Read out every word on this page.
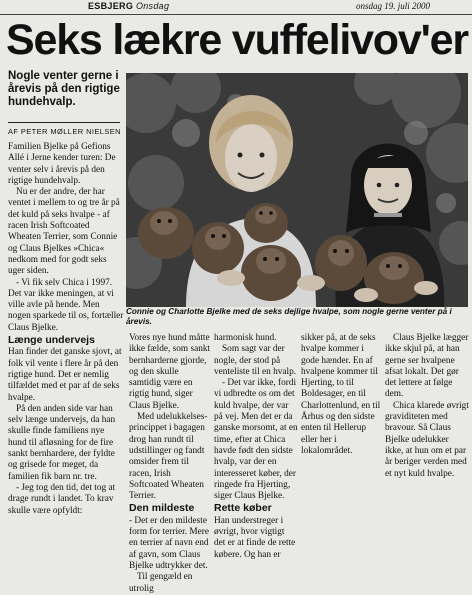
ESBJERG Onsdag	onsdag 19. juli 2000
Seks lækre vuffelivov'er
Nogle venter gerne i årevis på den rigtige hundehvalp.
AF PETER MØLLER NIELSEN
Connie og Charlotte Bjelke med de seks dejlige hvalpe, som nogle gerne venter på i årevis.

Familien Bjelke på Gefions Allé i Jerne kender turen: De venter selv i årevis på den rigtige hundehvalp.

Nu er der andre, der har ventet i mellem to og tre år på det kuld på seks hvalpe - af racen Irish Softcoated Wheaten Terrier, som Connie og Claus Bjelkes »Chica« nedkom med for godt seks uger siden.

- Vi fik selv Chica i 1997. Det var ikke meningen, at vi ville avle på hende. Men nogen sparkede til os, fortæller Claus Bjelke.

Længe undervejs

Han finder det ganske sjovt, at folk vil vente i flere år på den rigtige hund. Det er nemlig tilfældet med et par af de seks hvalpe.

På den anden side var han selv længe undervejs, da han skulle finde familiens nye hund til afløsning for de fire sankt bernhardere, der fyldte og grisede for meget, da familien fik barn nr. tre.

- Jeg tog den tid, det tog at drage rundt i landet. To krav skulle være opfyldt:

Vores nye hund måtte ikke fælde, som sankt bernharderne gjorde, og den skulle samtidig være en rigtig hund, siger Claus Bjelke.

Med udelukkelses-princippet i bagagen drog han rundt til udstillinger og fandt omsider frem til racen, Irish Softcoated Wheaten Terrier.

Den mildeste

- Det er den mildeste form for terrier. Mere en terrier af navn end af gavn, som Claus Bjelke udtrykker det.

Til gengæld en utrolig

harmonisk hund.

Som sagt var der nogle, der stod på venteliste til en hvalp.

- Det var ikke, fordi vi udbredte os om det kuld hvalpe, der var på vej. Men det er da ganske morsomt, at en time, efter at Chica havde født den sidste hvalp, var der en interesseret køber, der ringede fra Hjerting, siger Claus Bjelke.

Rette køber

Han understreger i øvrigt, hvor vigtigt det er at finde de rette købere. Og han er

sikker på, at de seks hvalpe kommer i gode hænder. En af hvalpene kommer til Hjerting, to til Boldesager, en til Charlottenlund, en til Århus og den sidste enten til Hellerup eller her i lokalområdet.

Claus Bjelke lægger ikke skjul på, at han gerne ser hvalpene afsat lokalt. Det gør det lettere at følge dem.

Chica klarede øvrigt graviditeten med bravour. Så Claus Bjelke udelukker ikke, at hun om et par år beriger verden med et nyt kuld hvalpe.
